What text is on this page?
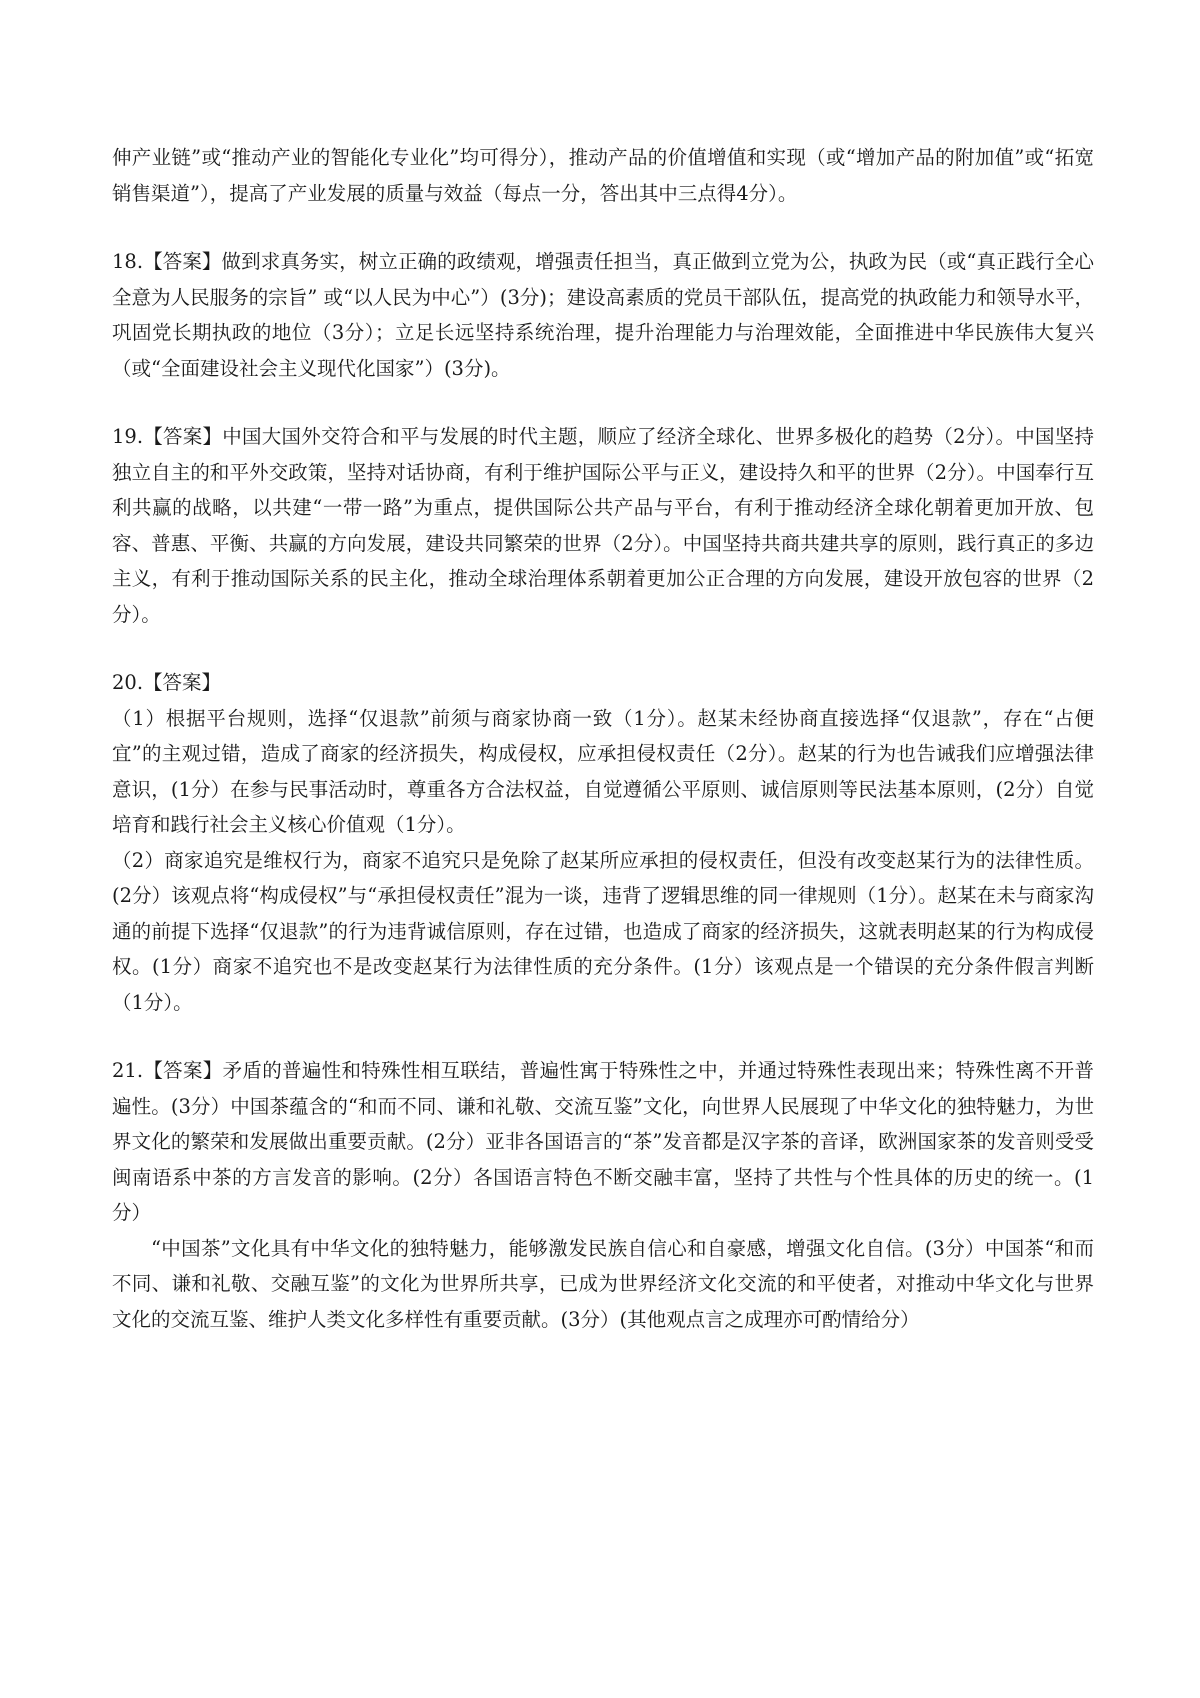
伸产业链”或“推动产业的智能化专业化”均可得分），推动产品的价值增值和实现（或“增加产品的附加值”或“拓宽销售渠道”），提高了产业发展的质量与效益（每点一分，答出其中三点得4分）。

18.【答案】做到求真务实，树立正确的政绩观，增强责任担当，真正做到立党为公，执政为民（或“真正践行全心全意为人民服务的宗旨” 或“以人民为中心”）(3分)；建设高素质的党员干部队伍，提高党的执政能力和领导水平，巩固党长期执政的地位（3分）；立足长远坚持系统治理，提升治理能力与治理效能，全面推进中华民族伟大复兴（或“全面建设社会主义现代化国家”）(3分)。

19.【答案】中国大国外交符合和平与发展的时代主题，顺应了经济全球化、世界多极化的趋势（2分）。中国坚持独立自主的和平外交政策，坚持对话协商，有利于维护国际公平与正义，建设持久和平的世界（2分）。中国奉行互利共赢的战略，以共建“一带一路”为重点，提供国际公共产品与平台，有利于推动经济全球化朝着更加开放、包容、普惠、平衡、共赢的方向发展，建设共同繁荣的世界（2分）。中国坚持共商共建共享的原则，践行真正的多边主义，有利于推动国际关系的民主化，推动全球治理体系朝着更加公正合理的方向发展，建设开放包容的世界（2分）。

20.【答案】

（1）根据平台规则，选择“仅退款”前须与商家协商一致（1分）。赵某未经协商直接选择“仅退款”，存在“占便宜”的主观过错，造成了商家的经济损失，构成侵权，应承担侵权责任（2分）。赵某的行为也告诫我们应增强法律意识，(1分）在参与民事活动时，尊重各方合法权益，自觉遵循公平原则、诚信原则等民法基本原则，(2分）自觉培育和践行社会主义核心价值观（1分）。

（2）商家追究是维权行为，商家不追究只是免除了赵某所应承担的侵权责任，但没有改变赵某行为的法律性质。(2分）该观点将“构成侵权”与“承担侵权责任”混为一谈，违背了逻辑思维的同一律规则（1分）。赵某在未与商家沟通的前提下选择“仅退款”的行为违背诚信原则，存在过错，也造成了商家的经济损失，这就表明赵某的行为构成侵权。(1分）商家不追究也不是改变赵某行为法律性质的充分条件。(1分）该观点是一个错误的充分条件假言判断（1分）。

21.【答案】矛盾的普遍性和特殊性相互联结，普遍性寓于特殊性之中，并通过特殊性表现出来；特殊性离不开普遍性。(3分）中国茶蕴含的“和而不同、谦和礼敬、交流互鉴”文化，向世界人民展现了中华文化的独特魅力，为世界文化的繁荣和发展做出重要贡献。(2分）亚非各国语言的“茶”发音都是汉字茶的音译，欧洲国家茶的发音则受受闽南语系中茶的方言发音的影响。(2分）各国语言特色不断交融丰富，坚持了共性与个性具体的历史的统一。(1分）

“中国茶”文化具有中华文化的独特魅力，能够激发民族自信心和自豪感，增强文化自信。(3分）中国茶“和而不同、谦和礼敬、交融互鉴”的文化为世界所共享，已成为世界经济文化交流的和平使者，对推动中华文化与世界文化的交流互鉴、维护人类文化多样性有重要贡献。(3分）(其他观点言之成理亦可酌情给分）
